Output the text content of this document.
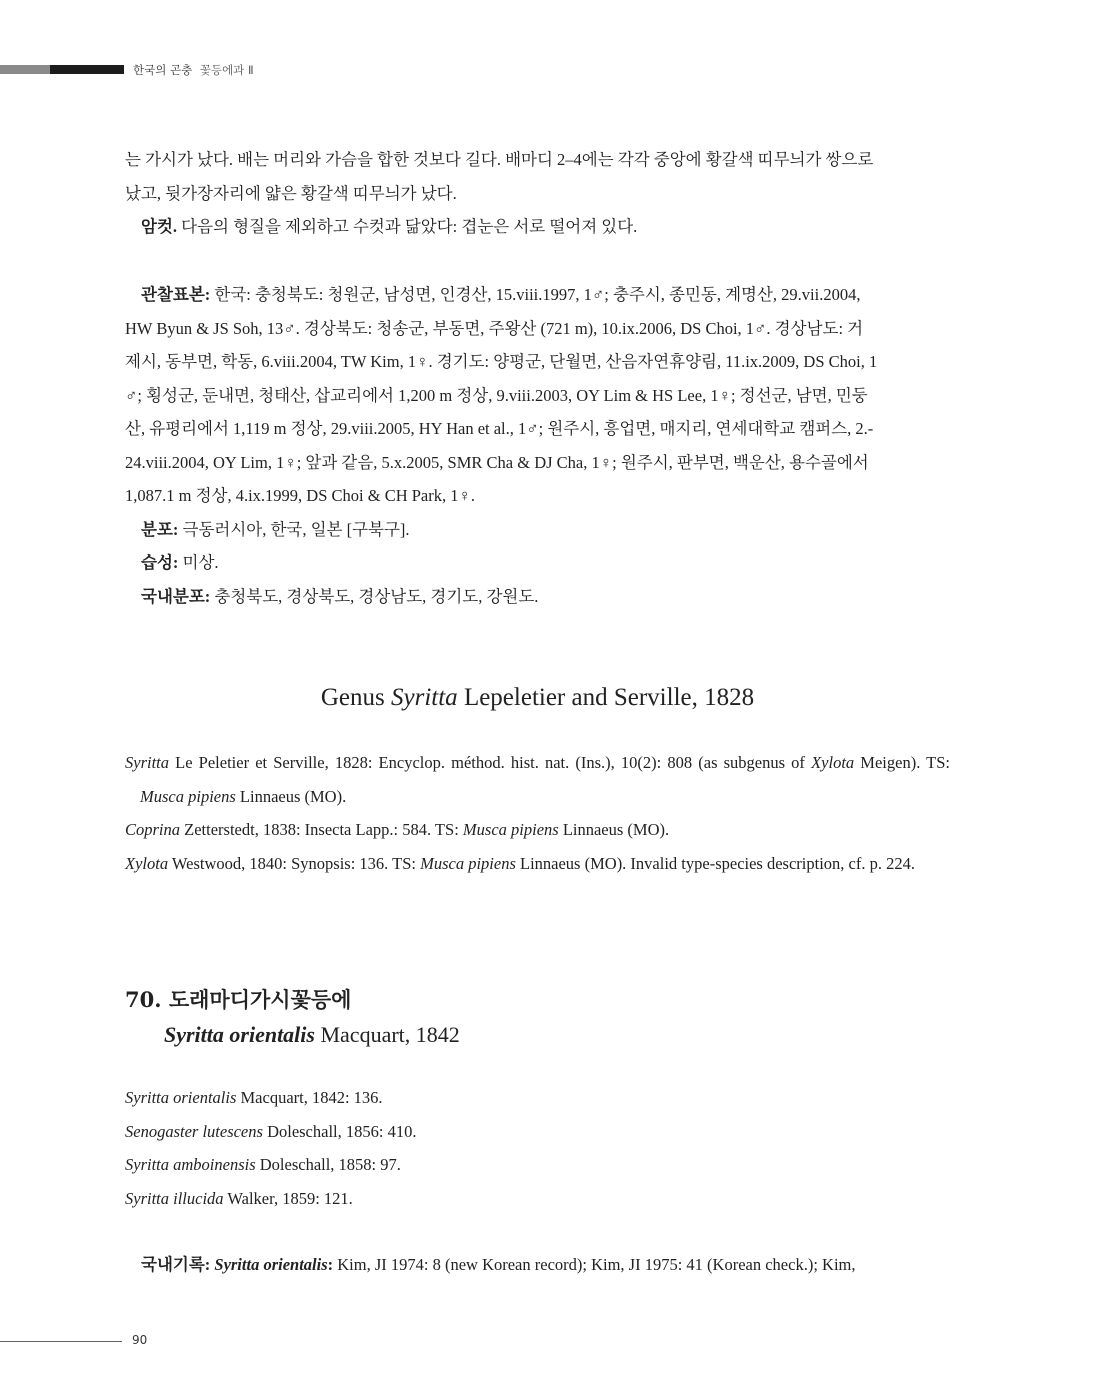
한국의 곤충 꽃등에과 Ⅱ
는 가시가 났다. 배는 머리와 가슴을 합한 것보다 길다. 배마디 2–4에는 각각 중앙에 황갈색 띠무늬가 쌍으로
났고, 뒷가장자리에 얇은 황갈색 띠무늬가 났다.
암컷. 다음의 형질을 제외하고 수컷과 닮았다: 겹눈은 서로 떨어져 있다.
관찰표본: 한국: 충청북도: 청원군, 남성면, 인경산, 15.viii.1997, 1♂; 충주시, 종민동, 계명산, 29.vii.2004,
HW Byun & JS Soh, 13♂. 경상북도: 청송군, 부동면, 주왕산 (721 m), 10.ix.2006, DS Choi, 1♂. 경상남도: 거
제시, 동부면, 학동, 6.viii.2004, TW Kim, 1♀. 경기도: 양평군, 단월면, 산음자연휴양림, 11.ix.2009, DS Choi, 1
♂; 횡성군, 둔내면, 청태산, 삽교리에서 1,200 m 정상, 9.viii.2003, OY Lim & HS Lee, 1♀; 정선군, 남면, 민둥
산, 유평리에서 1,119 m 정상, 29.viii.2005, HY Han et al., 1♂; 원주시, 흥업면, 매지리, 연세대학교 캠퍼스, 2.-
24.viii.2004, OY Lim, 1♀; 앞과 같음, 5.x.2005, SMR Cha & DJ Cha, 1♀; 원주시, 판부면, 백운산, 용수골에서
1,087.1 m 정상, 4.ix.1999, DS Choi & CH Park, 1♀.
분포: 극동러시아, 한국, 일본 [구북구].
습성: 미상.
국내분포: 충청북도, 경상북도, 경상남도, 경기도, 강원도.
Genus Syritta Lepeletier and Serville, 1828
Syritta Le Peletier et Serville, 1828: Encyclop. méthod. hist. nat. (Ins.), 10(2): 808 (as subgenus of Xylota Meigen). TS: Musca pipiens Linnaeus (MO).
Coprina Zetterstedt, 1838: Insecta Lapp.: 584. TS: Musca pipiens Linnaeus (MO).
Xylota Westwood, 1840: Synopsis: 136. TS: Musca pipiens Linnaeus (MO). Invalid type-species description, cf. p. 224.
70. 도래마디가시꽃등에
Syritta orientalis Macquart, 1842
Syritta orientalis Macquart, 1842: 136.
Senogaster lutescens Doleschall, 1856: 410.
Syritta amboinensis Doleschall, 1858: 97.
Syritta illucida Walker, 1859: 121.
국내기록: Syritta orientalis: Kim, JI 1974: 8 (new Korean record); Kim, JI 1975: 41 (Korean check.); Kim,
90
